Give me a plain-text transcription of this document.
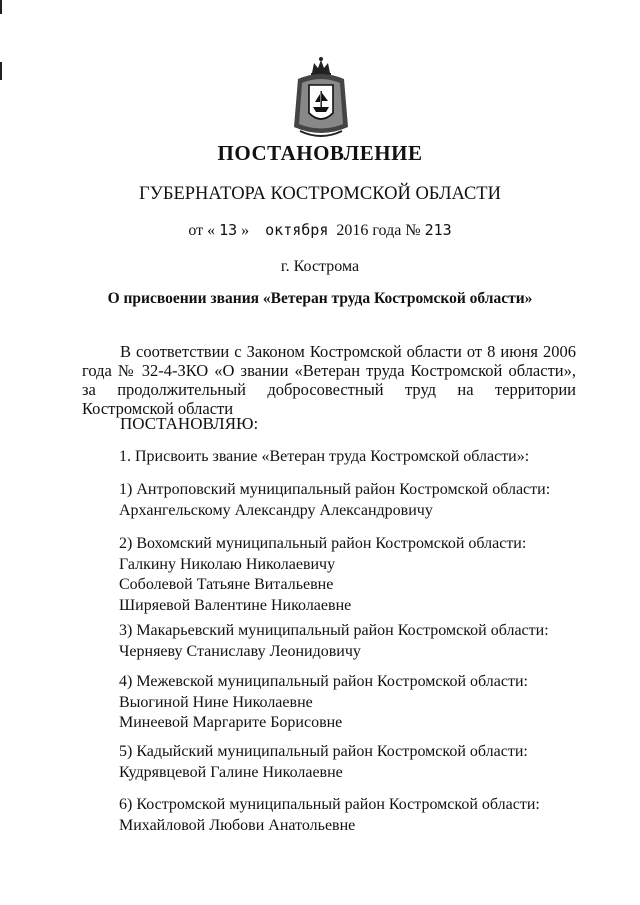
ПОСТАНОВЛЕНИЕ
ГУБЕРНАТОРА КОСТРОМСКОЙ ОБЛАСТИ
от « 13 » октября 2016 года № 213
г. Кострома
О присвоении звания «Ветеран труда Костромской области»
В соответствии с Законом Костромской области от 8 июня 2006 года № 32-4-ЗКО «О звании «Ветеран труда Костромской области», за продолжительный добросовестный труд на территории Костромской области
ПОСТАНОВЛЯЮ:
1. Присвоить звание «Ветеран труда Костромской области»:
1) Антроповский муниципальный район Костромской области:
Архангельскому Александру Александровичу
2) Вохомский муниципальный район Костромской области:
Галкину Николаю Николаевичу
Соболевой Татьяне Витальевне
Ширяевой Валентине Николаевне
3) Макарьевский муниципальный район Костромской области:
Черняеву Станиславу Леонидовичу
4) Межевской муниципальный район Костромской области:
Выогиной Нине Николаевне
Минеевой Маргарите Борисовне
5) Кадыйский муниципальный район Костромской области:
Кудрявцевой Галине Николаевне
6) Костромской муниципальный район Костромской области:
Михайловой Любови Анатольевне
